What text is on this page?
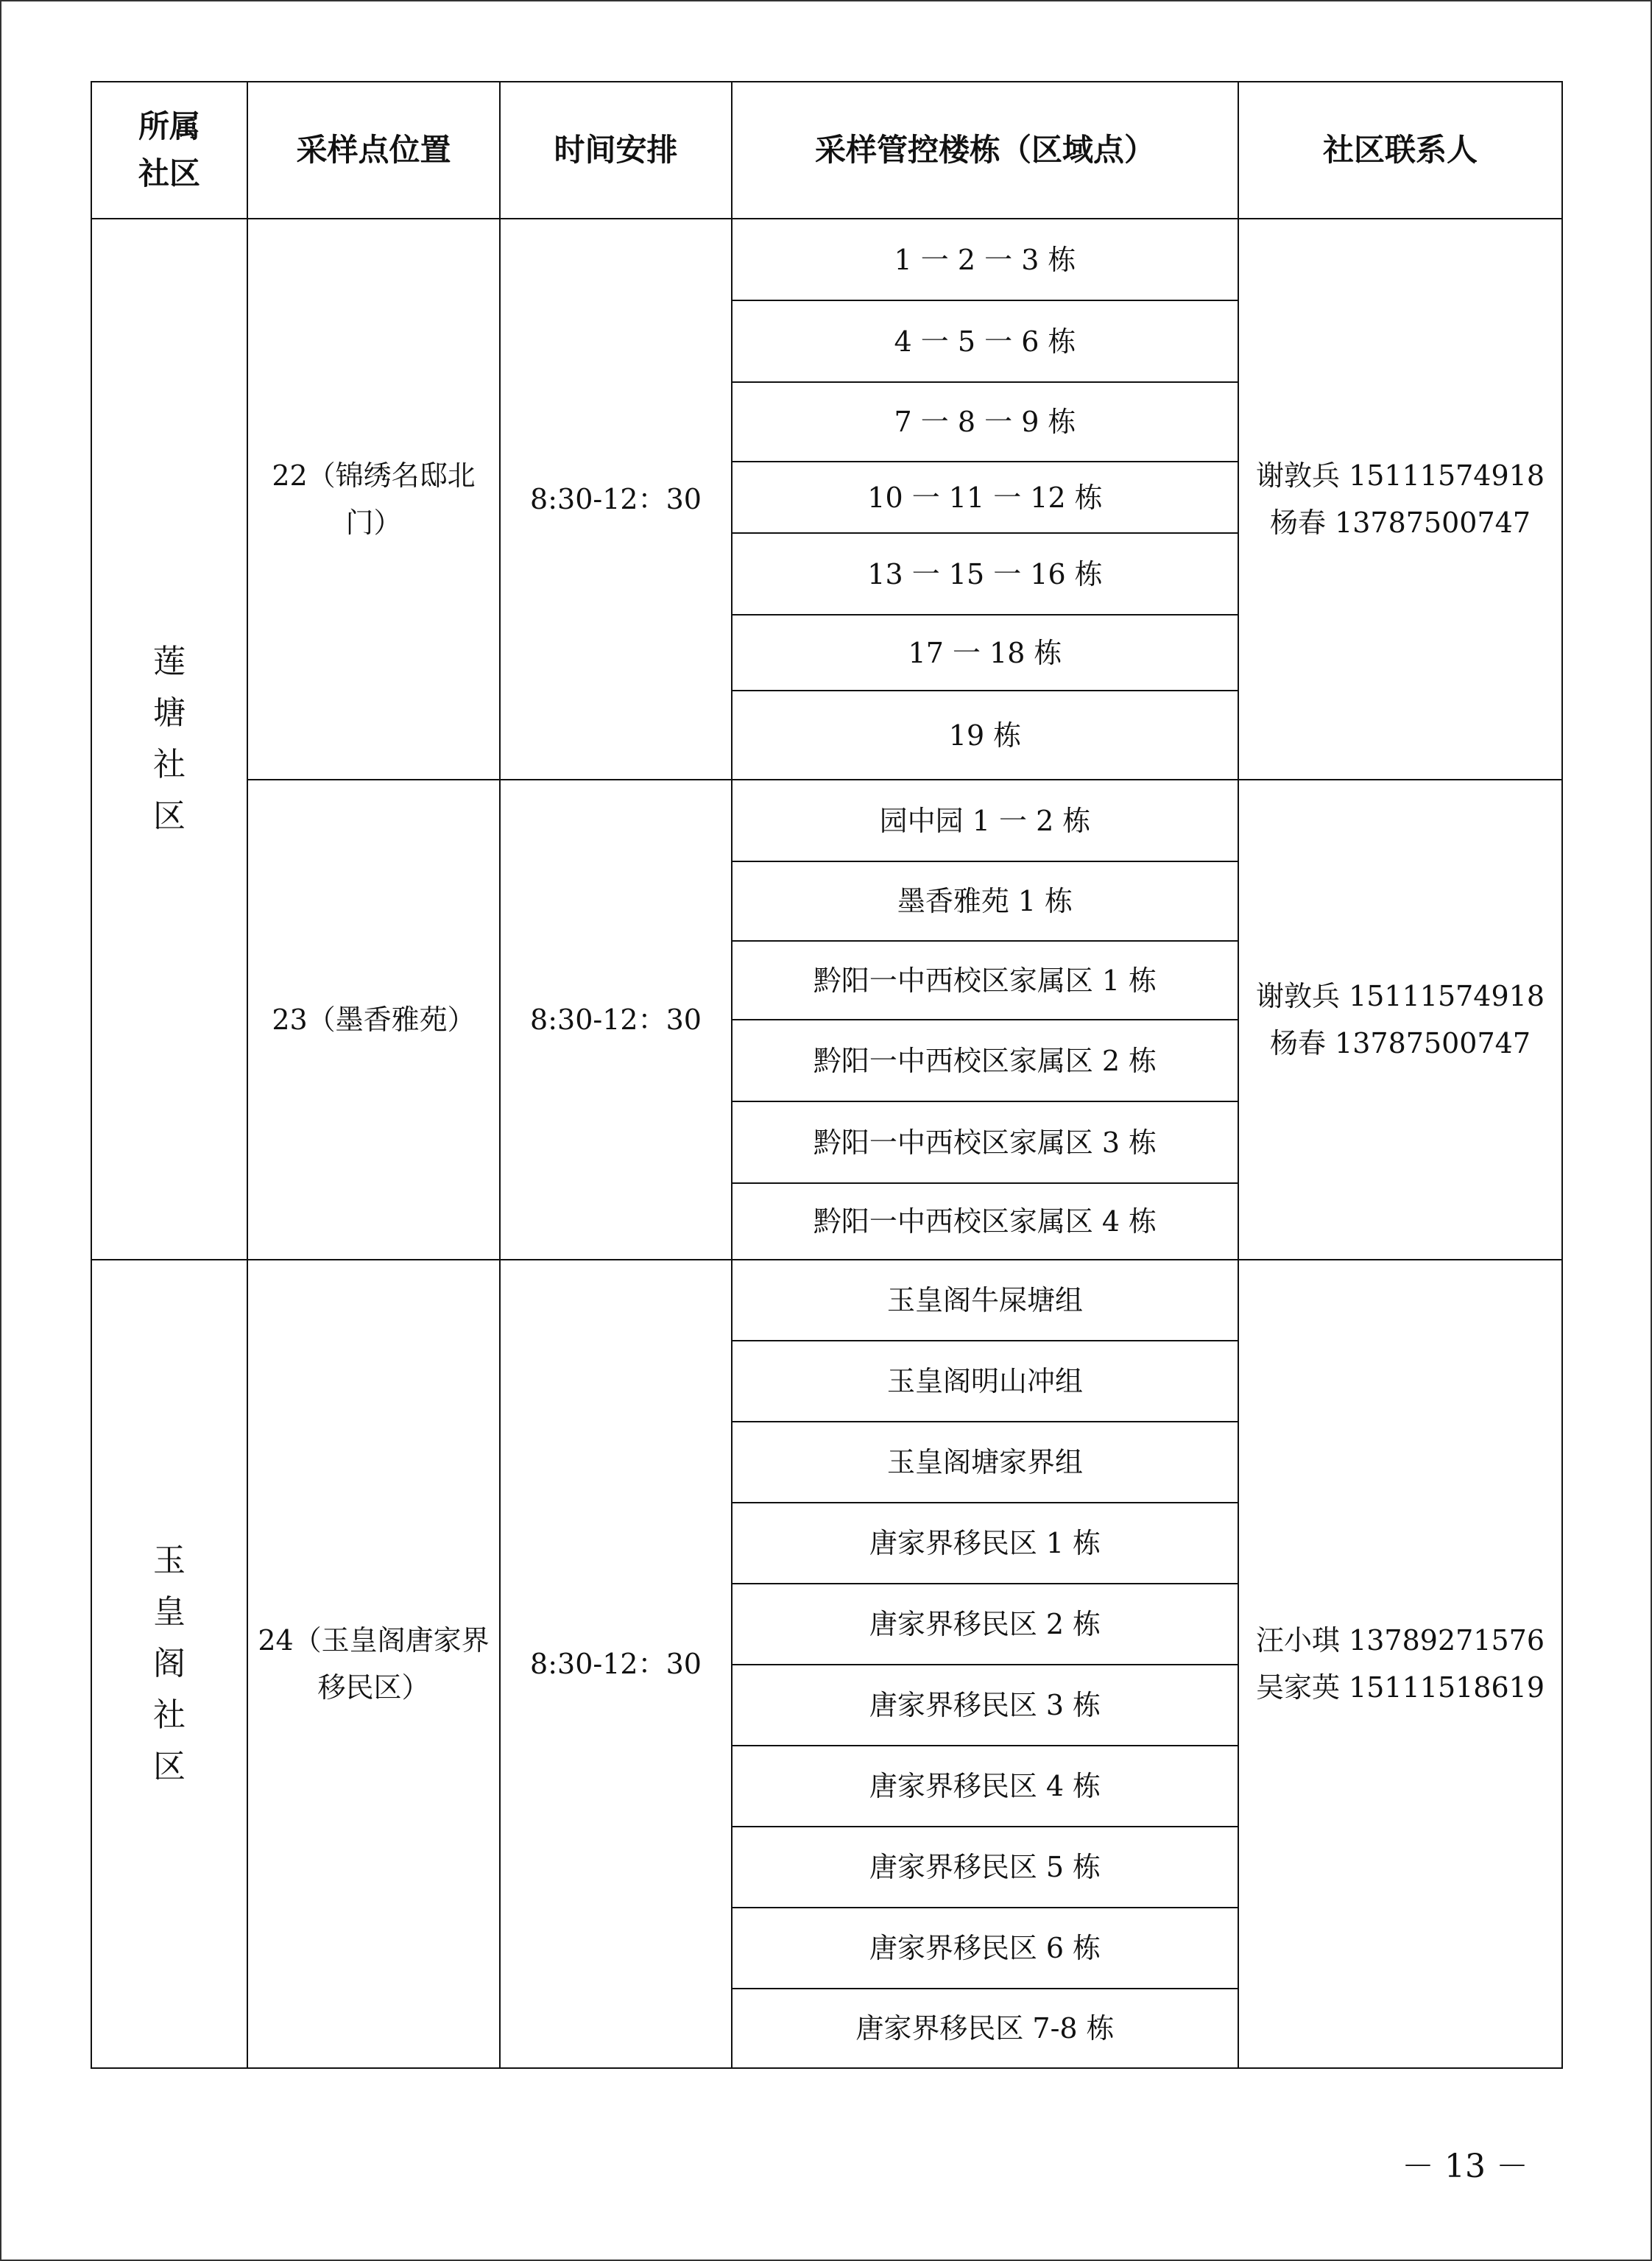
所属社区	采样点位置	时间安排	采样管控楼栋（区域点）	社区联系人
莲塘社区	22（锦绣名邸北门）	8:30-12：30	1 一 2 一 3 栋	谢敦兵 15111574918
杨春 13787500747

			4 一 5 一 6 栋	
			7 一 8 一 9 栋	
			10 一 11 一 12 栋	
			13 一 15 一 16 栋	
			17 一 18 栋	
			19 栋	
	23（墨香雅苑）	8:30-12：30	园中园 1 一 2 栋	谢敦兵 15111574918
杨春 13787500747

			墨香雅苑 1 栋	
			黔阳一中西校区家属区 1 栋	
			黔阳一中西校区家属区 2 栋	
			黔阳一中西校区家属区 3 栋	
			黔阳一中西校区家属区 4 栋	
玉皇阁社区	24（玉皇阁唐家界移民区）	8:30-12：30	玉皇阁牛屎塘组	汪小琪 13789271576
吴家英 15111518619

			玉皇阁明山冲组	
			玉皇阁塘家界组	
			唐家界移民区 1 栋	
			唐家界移民区 2 栋	
			唐家界移民区 3 栋	
			唐家界移民区 4 栋	
			唐家界移民区 5 栋	
			唐家界移民区 6 栋	
			唐家界移民区 7-8 栋	
－ 13 －
